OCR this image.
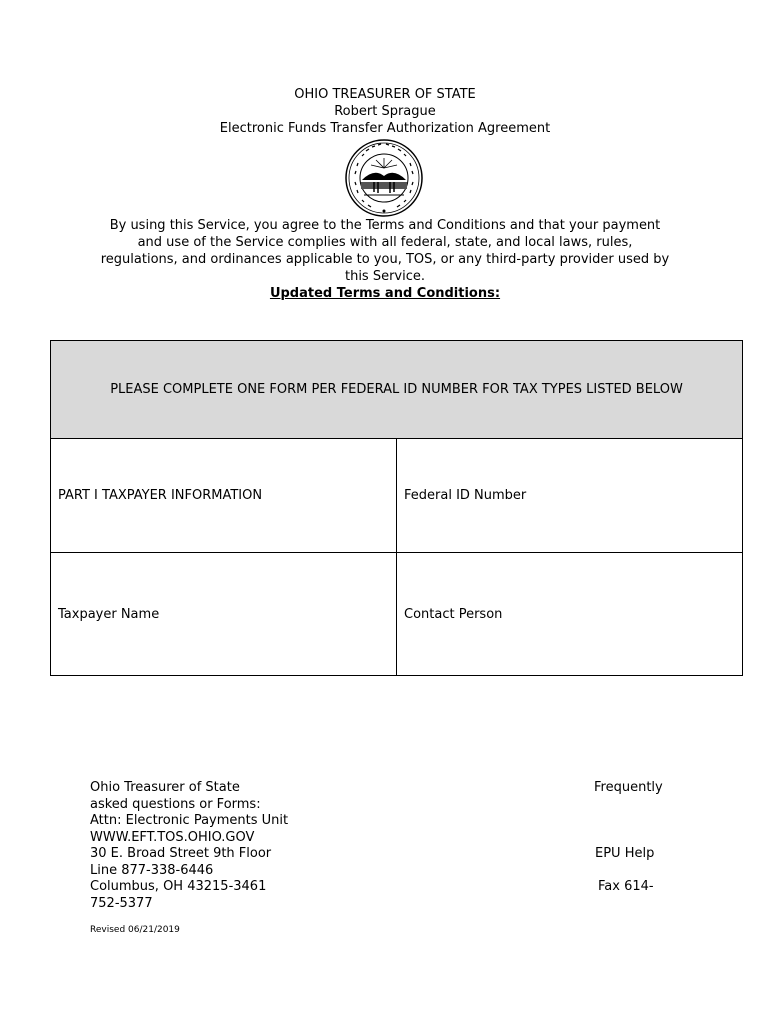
OHIO TREASURER OF STATE
Robert Sprague
Electronic Funds Transfer Authorization Agreement
By using this Service, you agree to the Terms and Conditions and that your payment and use of the Service complies with all federal, state, and local laws, rules, regulations, and ordinances applicable to you, TOS, or any third-party provider used by this Service.
Updated Terms and Conditions:
PLEASE COMPLETE ONE FORM PER FEDERAL ID NUMBER FOR TAX TYPES LISTED BELOW
PART I TAXPAYER INFORMATION	Federal ID Number
Taxpayer Name	Contact Person
Ohio Treasurer of State
asked questions or Forms:
Attn: Electronic Payments Unit
WWW.EFT.TOS.OHIO.GOV
30 E. Broad Street 9th Floor
Line 877-338-6446
Columbus, OH 43215-3461
752-5377
Frequently
EPU Help
Fax 614-
Revised 06/21/2019
